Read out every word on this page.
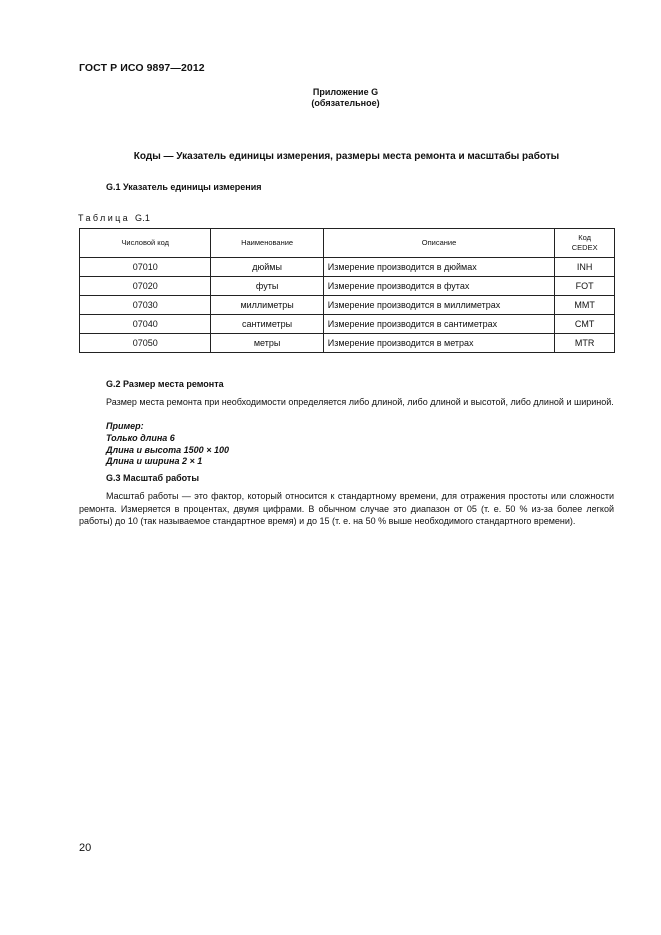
ГОСТ Р ИСО 9897—2012
Приложение G
(обязательное)
Коды — Указатель единицы измерения, размеры места ремонта и масштабы работы
G.1 Указатель единицы измерения
Таблица G.1
Числовой код	Наименование	Описание	Код
CEDEX

07010	дюймы	Измерение производится в дюймах	INH
07020	футы	Измерение производится в футах	FOT
07030	миллиметры	Измерение производится в миллиметрах	MMT
07040	сантиметры	Измерение производится в сантиметрах	CMT
07050	метры	Измерение производится в метрах	MTR
G.2 Размер места ремонта
Размер места ремонта при необходимости определяется либо длиной, либо длиной и высотой, либо длиной и шириной.
Пример:
Только длина 6
Длина и высота 1500 × 100
Длина и ширина 2 × 1
G.3 Масштаб работы
Масштаб работы — это фактор, который относится к стандартному времени, для отражения простоты или сложности ремонта. Измеряется в процентах, двумя цифрами. В обычном случае это диапазон от 05 (т. е. 50 % из-за более легкой работы) до 10 (так называемое стандартное время) и до 15 (т. е. на 50 % выше необходимого стандартного времени).
20
